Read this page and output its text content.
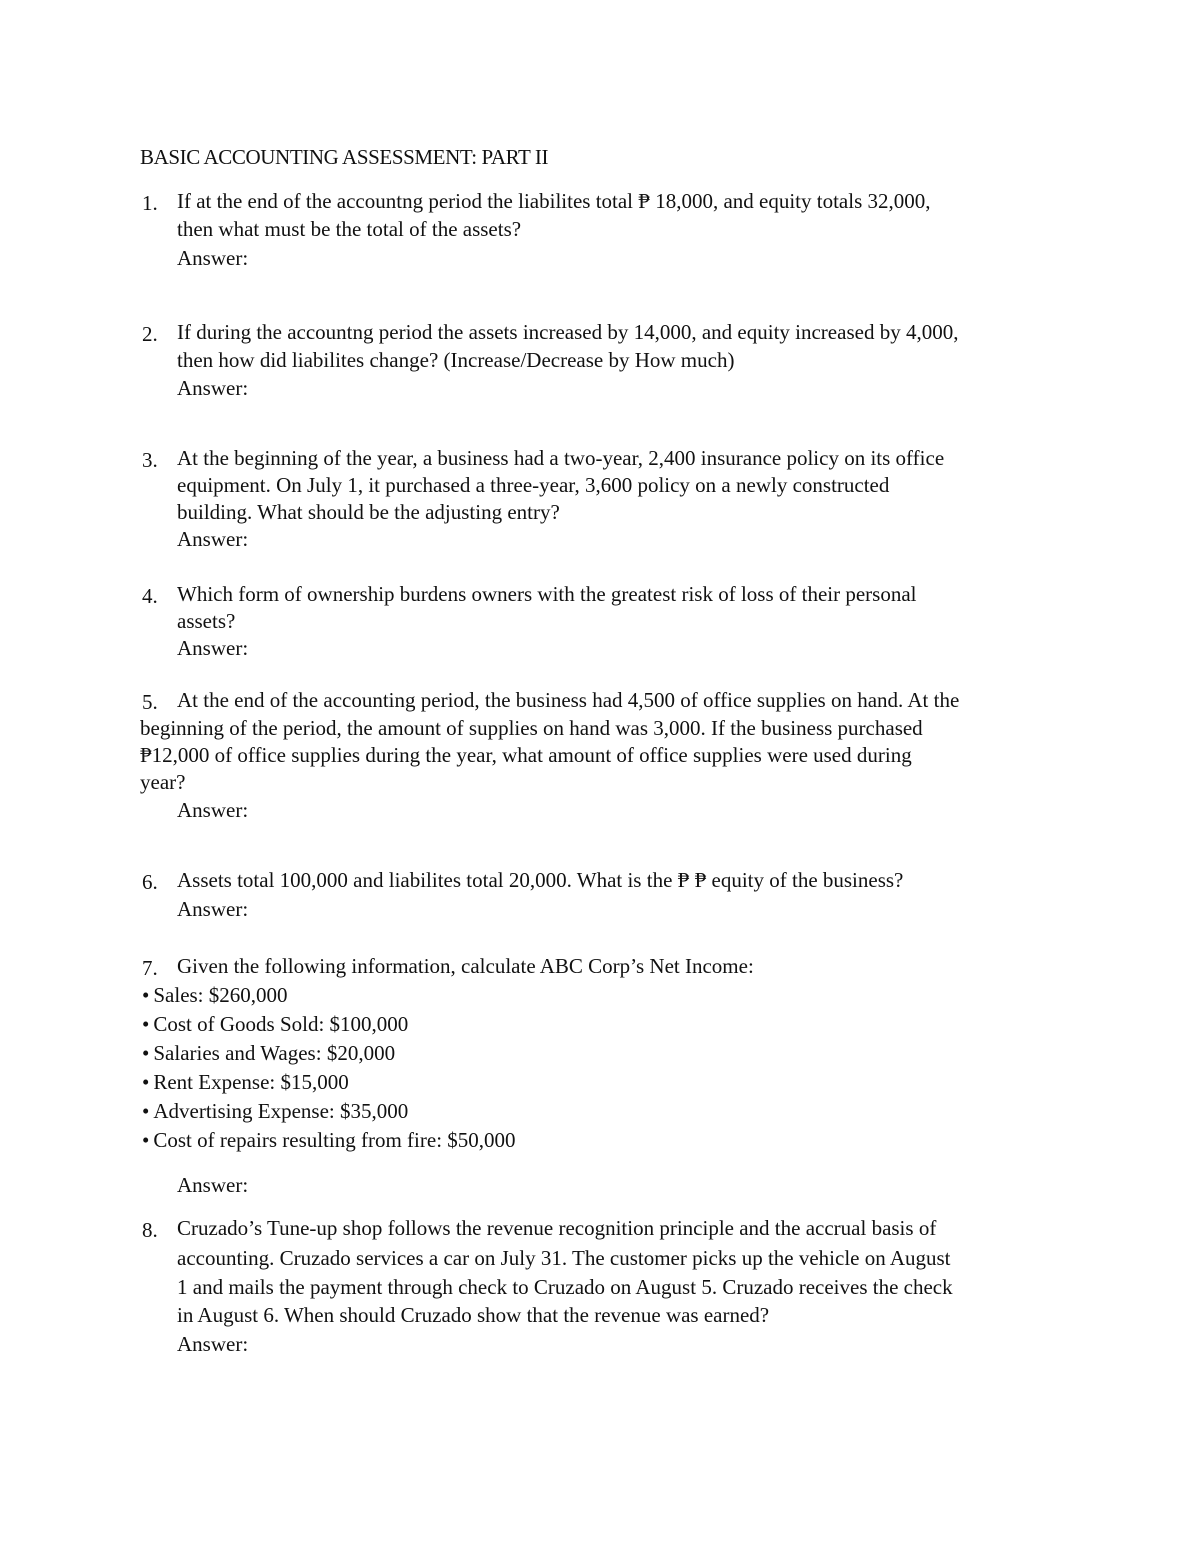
BASIC ACCOUNTING ASSESSMENT: PART II
1. If at the end of the accountng period the liabilites total ₱ 18,000, and equity totals 32,000,
then what must be the total of the assets?
Answer:
2. If during the accountng period the assets increased by 14,000, and equity increased by 4,000,
then how did liabilites change? (Increase/Decrease by How much)
Answer:
3. At the beginning of the year, a business had a two-year, 2,400 insurance policy on its office
equipment. On July 1, it purchased a three-year, 3,600 policy on a newly constructed
building. What should be the adjusting entry?
Answer:
4. Which form of ownership burdens owners with the greatest risk of loss of their personal
assets?
Answer:
5. At the end of the accounting period, the business had 4,500 of office supplies on hand. At the
beginning of the period, the amount of supplies on hand was 3,000. If the business purchased
₱12,000 of office supplies during the year, what amount of office supplies were used during
year?
Answer:
6. Assets total 100,000 and liabilites total 20,000. What is the ₱ ₱ equity of the business?
Answer:
7. Given the following information, calculate ABC Corp’s Net Income:
• Sales: $260,000
• Cost of Goods Sold: $100,000
• Salaries and Wages: $20,000
• Rent Expense: $15,000
• Advertising Expense: $35,000
• Cost of repairs resulting from fire: $50,000
Answer:
8. Cruzado’s Tune-up shop follows the revenue recognition principle and the accrual basis of
accounting. Cruzado services a car on July 31. The customer picks up the vehicle on August
1 and mails the payment through check to Cruzado on August 5. Cruzado receives the check
in August 6. When should Cruzado show that the revenue was earned?
Answer:
